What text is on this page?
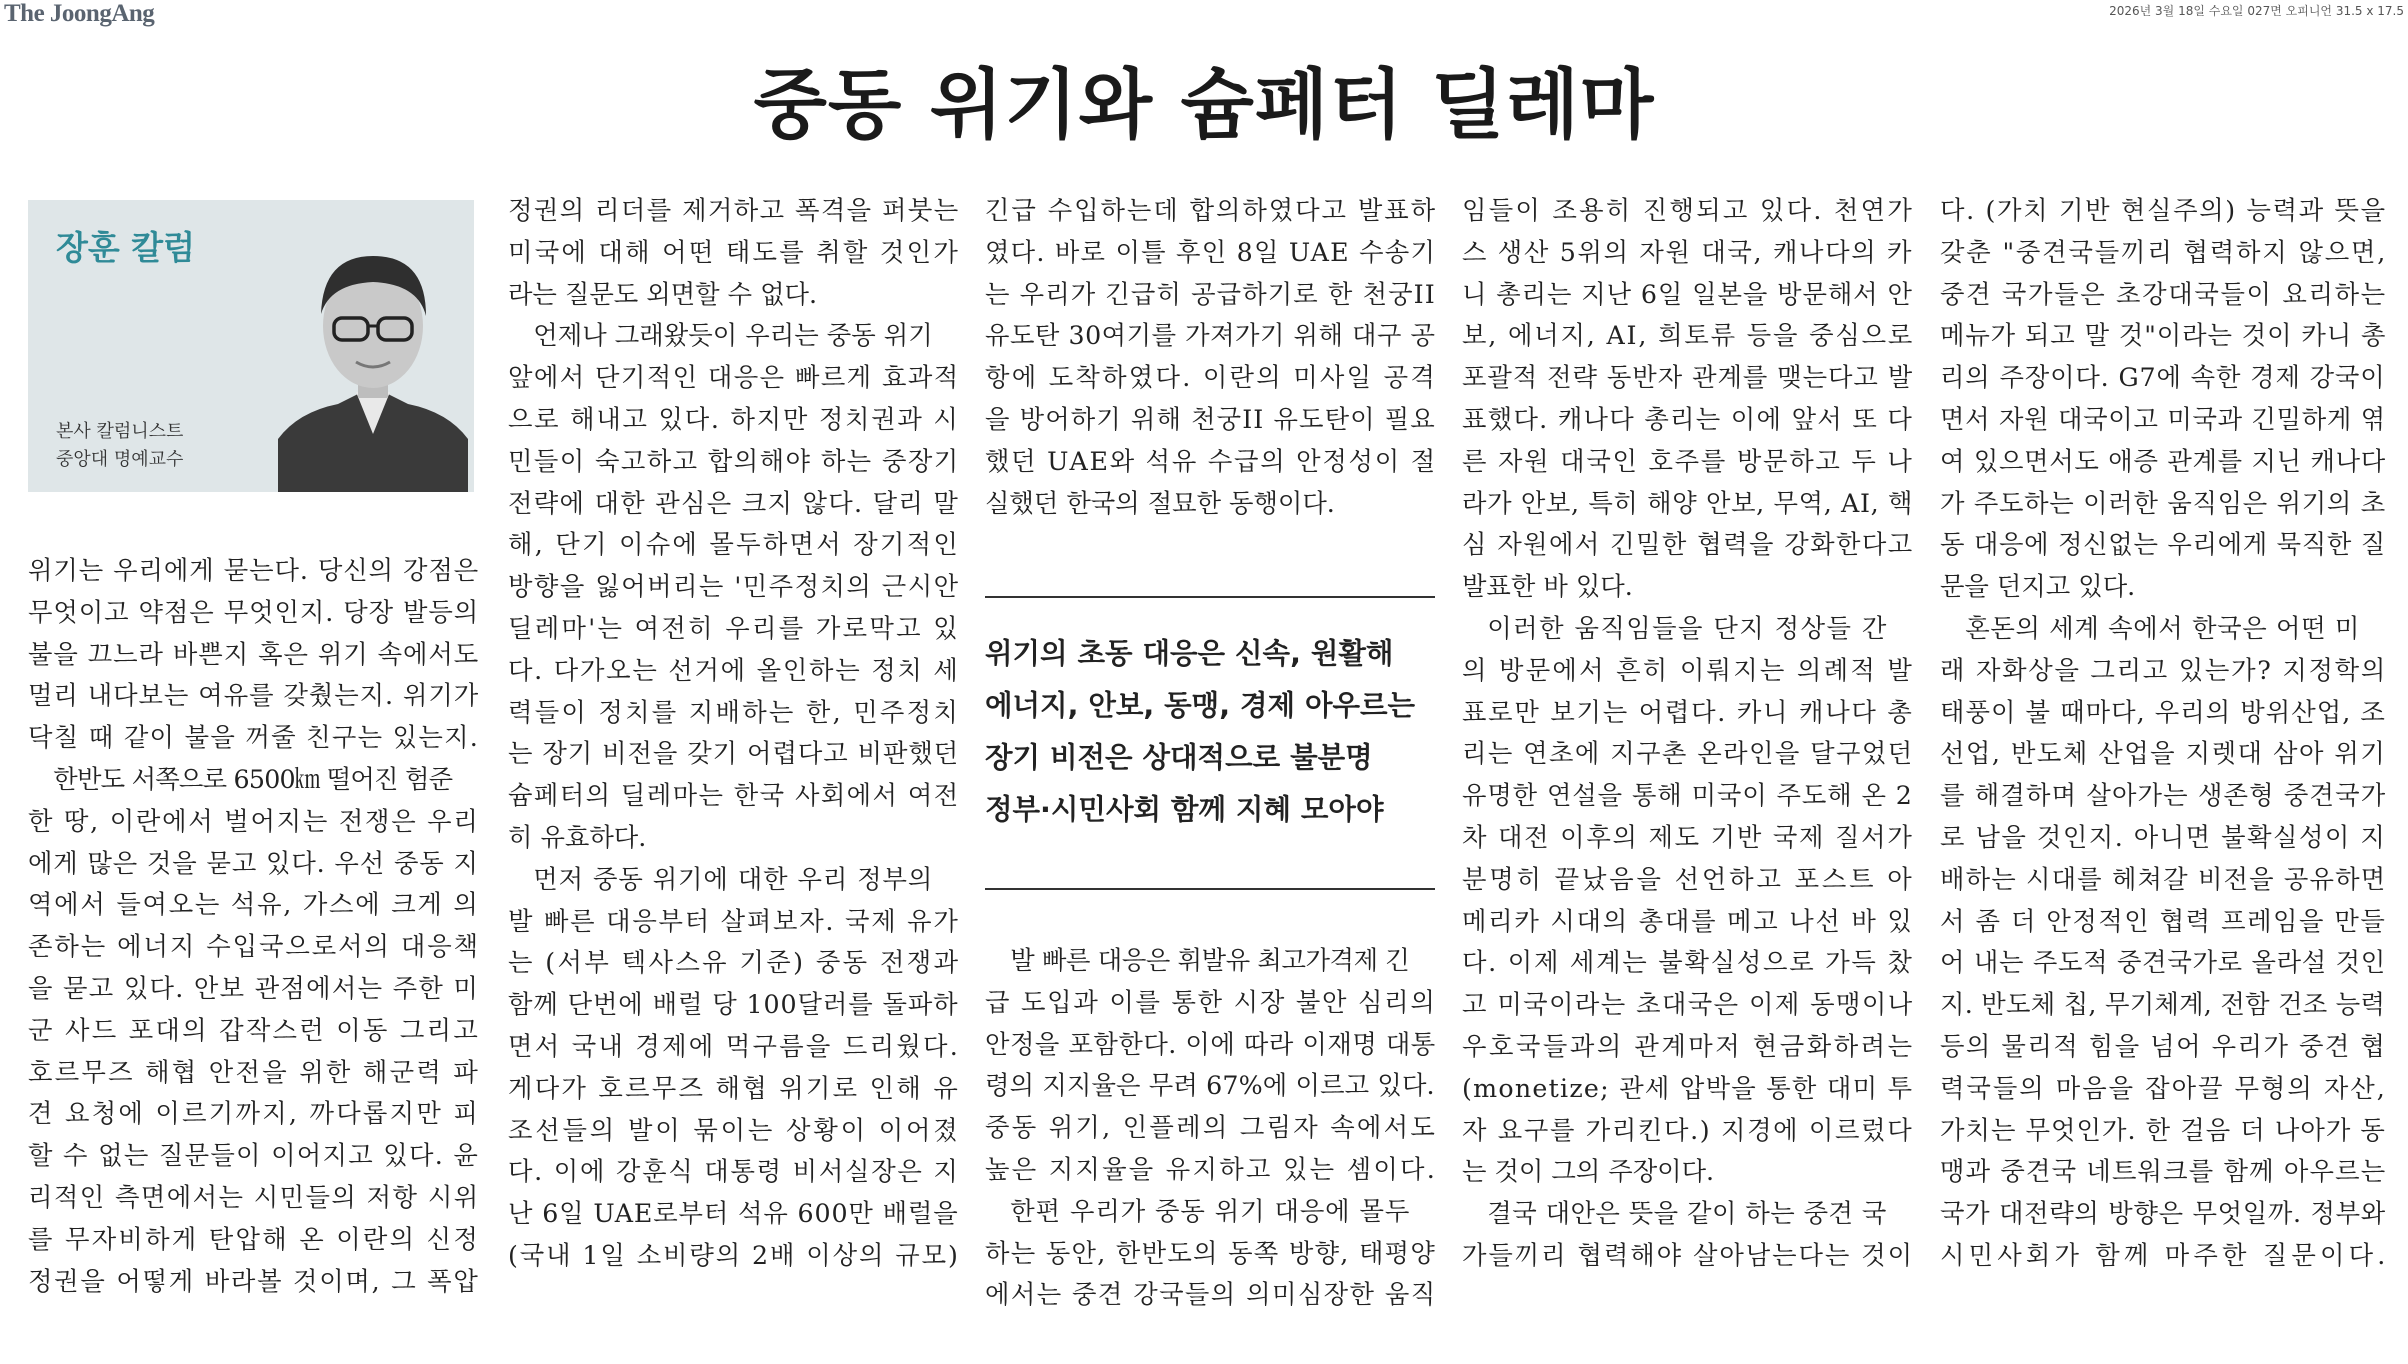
The JoongAng	2026년 3월 18일 수요일 027면 오피니언 31.5 x 17.5
중동 위기와 슘페터 딜레마
장훈 칼럼
본사 칼럼니스트
중앙대 명예교수
위기는 우리에게 묻는다. 당신의 강점은
무엇이고 약점은 무엇인지. 당장 발등의
불을 끄느라 바쁜지 혹은 위기 속에서도
멀리 내다보는 여유를 갖췄는지. 위기가
닥칠 때 같이 불을 꺼줄 친구는 있는지.
한반도 서쪽으로 6500㎞ 떨어진 험준
한 땅, 이란에서 벌어지는 전쟁은 우리
에게 많은 것을 묻고 있다. 우선 중동 지
역에서 들여오는 석유, 가스에 크게 의
존하는 에너지 수입국으로서의 대응책
을 묻고 있다. 안보 관점에서는 주한 미
군 사드 포대의 갑작스런 이동 그리고
호르무즈 해협 안전을 위한 해군력 파
견 요청에 이르기까지, 까다롭지만 피
할 수 없는 질문들이 이어지고 있다. 윤
리적인 측면에서는 시민들의 저항 시위
를 무자비하게 탄압해 온 이란의 신정
정권을 어떻게 바라볼 것이며, 그 폭압
정권의 리더를 제거하고 폭격을 퍼붓는
미국에 대해 어떤 태도를 취할 것인가
라는 질문도 외면할 수 없다.
언제나 그래왔듯이 우리는 중동 위기
앞에서 단기적인 대응은 빠르게 효과적
으로 해내고 있다. 하지만 정치권과 시
민들이 숙고하고 합의해야 하는 중장기
전략에 대한 관심은 크지 않다. 달리 말
해, 단기 이슈에 몰두하면서 장기적인
방향을 잃어버리는 '민주정치의 근시안
딜레마'는 여전히 우리를 가로막고 있
다. 다가오는 선거에 올인하는 정치 세
력들이 정치를 지배하는 한, 민주정치
는 장기 비전을 갖기 어렵다고 비판했던
슘페터의 딜레마는 한국 사회에서 여전
히 유효하다.
먼저 중동 위기에 대한 우리 정부의
발 빠른 대응부터 살펴보자. 국제 유가
는 (서부 텍사스유 기준) 중동 전쟁과
함께 단번에 배럴 당 100달러를 돌파하
면서 국내 경제에 먹구름을 드리웠다.
게다가 호르무즈 해협 위기로 인해 유
조선들의 발이 묶이는 상황이 이어졌
다. 이에 강훈식 대통령 비서실장은 지
난 6일 UAE로부터 석유 600만 배럴을
(국내 1일 소비량의 2배 이상의 규모)
긴급 수입하는데 합의하였다고 발표하
였다. 바로 이틀 후인 8일 UAE 수송기
는 우리가 긴급히 공급하기로 한 천궁II
유도탄 30여기를 가져가기 위해 대구 공
항에 도착하였다. 이란의 미사일 공격
을 방어하기 위해 천궁II 유도탄이 필요
했던 UAE와 석유 수급의 안정성이 절
실했던 한국의 절묘한 동행이다.
위기의 초동 대응은 신속, 원활해
에너지, 안보, 동맹, 경제 아우르는
장기 비전은 상대적으로 불분명
정부·시민사회 함께 지혜 모아야
발 빠른 대응은 휘발유 최고가격제 긴
급 도입과 이를 통한 시장 불안 심리의
안정을 포함한다. 이에 따라 이재명 대통
령의 지지율은 무려 67%에 이르고 있다.
중동 위기, 인플레의 그림자 속에서도
높은 지지율을 유지하고 있는 셈이다.
한편 우리가 중동 위기 대응에 몰두
하는 동안, 한반도의 동쪽 방향, 태평양
에서는 중견 강국들의 의미심장한 움직
임들이 조용히 진행되고 있다. 천연가
스 생산 5위의 자원 대국, 캐나다의 카
니 총리는 지난 6일 일본을 방문해서 안
보, 에너지, AI, 희토류 등을 중심으로
포괄적 전략 동반자 관계를 맺는다고 발
표했다. 캐나다 총리는 이에 앞서 또 다
른 자원 대국인 호주를 방문하고 두 나
라가 안보, 특히 해양 안보, 무역, AI, 핵
심 자원에서 긴밀한 협력을 강화한다고
발표한 바 있다.
이러한 움직임들을 단지 정상들 간
의 방문에서 흔히 이뤄지는 의례적 발
표로만 보기는 어렵다. 카니 캐나다 총
리는 연초에 지구촌 온라인을 달구었던
유명한 연설을 통해 미국이 주도해 온 2
차 대전 이후의 제도 기반 국제 질서가
분명히 끝났음을 선언하고 포스트 아
메리카 시대의 총대를 메고 나선 바 있
다. 이제 세계는 불확실성으로 가득 찼
고 미국이라는 초대국은 이제 동맹이나
우호국들과의 관계마저 현금화하려는
(monetize; 관세 압박을 통한 대미 투
자 요구를 가리킨다.) 지경에 이르렀다
는 것이 그의 주장이다.
결국 대안은 뜻을 같이 하는 중견 국
가들끼리 협력해야 살아남는다는 것이
다. (가치 기반 현실주의) 능력과 뜻을
갖춘 "중견국들끼리 협력하지 않으면,
중견 국가들은 초강대국들이 요리하는
메뉴가 되고 말 것"이라는 것이 카니 총
리의 주장이다. G7에 속한 경제 강국이
면서 자원 대국이고 미국과 긴밀하게 엮
여 있으면서도 애증 관계를 지닌 캐나다
가 주도하는 이러한 움직임은 위기의 초
동 대응에 정신없는 우리에게 묵직한 질
문을 던지고 있다.
혼돈의 세계 속에서 한국은 어떤 미
래 자화상을 그리고 있는가? 지정학의
태풍이 불 때마다, 우리의 방위산업, 조
선업, 반도체 산업을 지렛대 삼아 위기
를 해결하며 살아가는 생존형 중견국가
로 남을 것인지. 아니면 불확실성이 지
배하는 시대를 헤쳐갈 비전을 공유하면
서 좀 더 안정적인 협력 프레임을 만들
어 내는 주도적 중견국가로 올라설 것인
지. 반도체 칩, 무기체계, 전함 건조 능력
등의 물리적 힘을 넘어 우리가 중견 협
력국들의 마음을 잡아끌 무형의 자산,
가치는 무엇인가. 한 걸음 더 나아가 동
맹과 중견국 네트워크를 함께 아우르는
국가 대전략의 방향은 무엇일까. 정부와
시민사회가 함께 마주한 질문이다.
